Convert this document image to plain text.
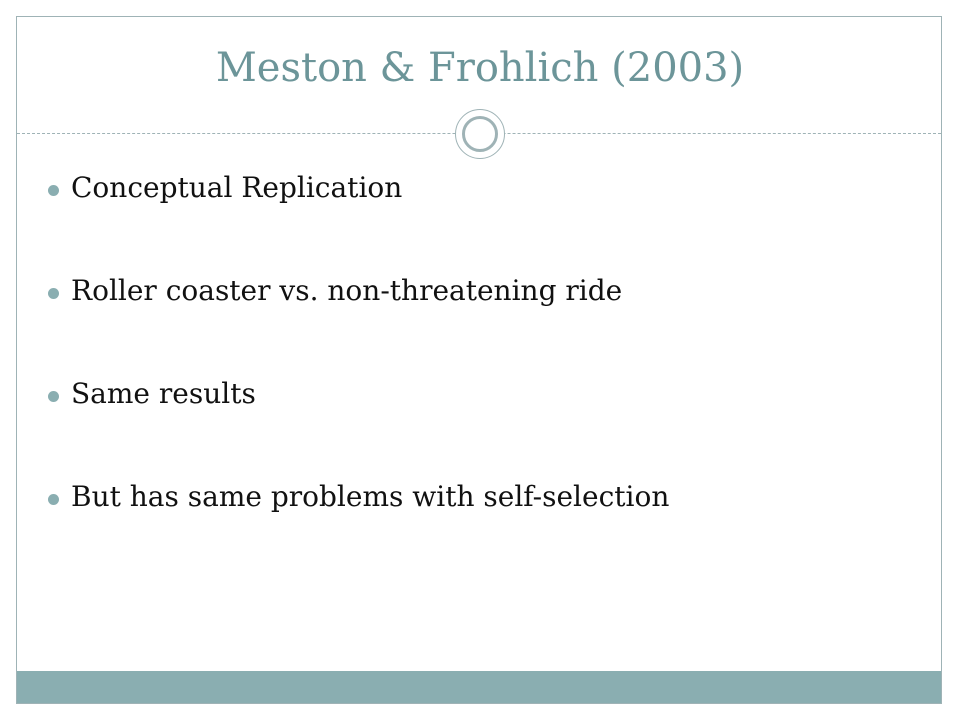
Meston & Frohlich (2003)
Conceptual Replication
Roller coaster vs. non-threatening ride
Same results
But has same problems with self-selection
